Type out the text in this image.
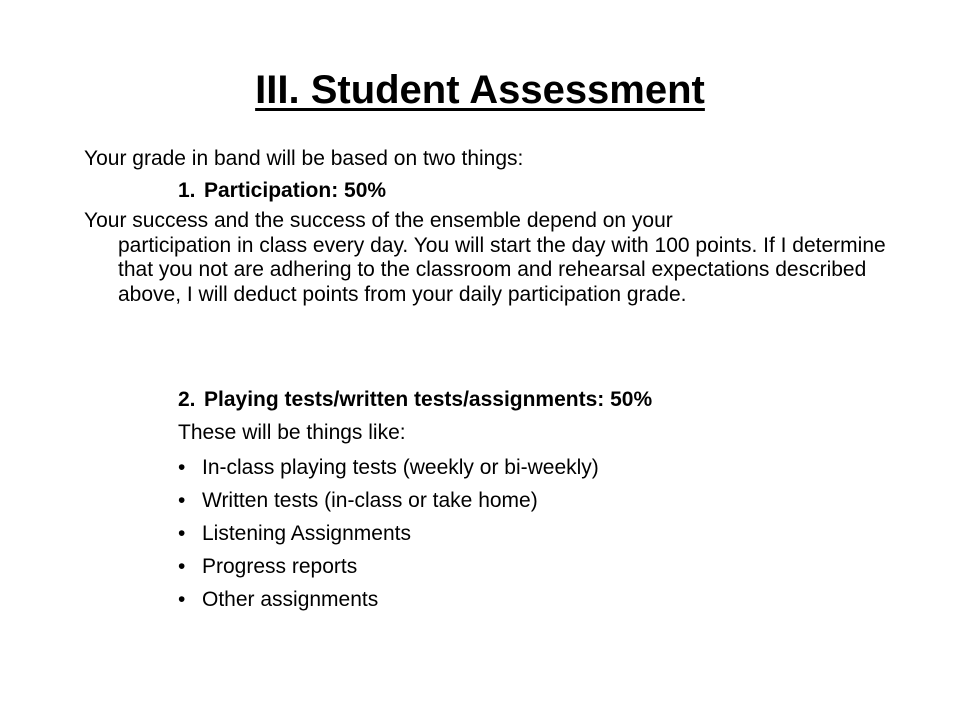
III. Student Assessment
Your grade in band will be based on two things:
1. Participation: 50%
Your success and the success of the ensemble depend on your
participation in class every day. You will start the day with 100 points. If I determine that you not are adhering to the classroom and rehearsal expectations described above, I will deduct points from your daily participation grade.
2. Playing tests/written tests/assignments: 50%
These will be things like:
• In-class playing tests (weekly or bi-weekly)
• Written tests (in-class or take home)
• Listening Assignments
• Progress reports
• Other assignments
